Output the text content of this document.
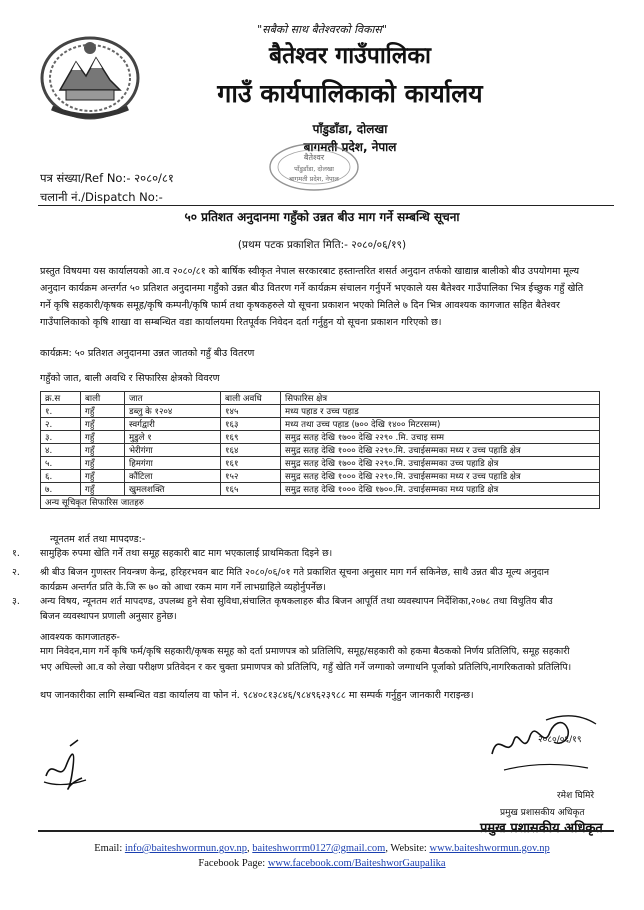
"सबैको साथ बैतेश्वरको विकास"
बैतेश्वर गाउँपालिका
गाउँ कार्यपालिकाको कार्यालय
पाँडुडाँडा, दोलखा
बागमती प्रदेश, नेपाल
बैतेश्वर
पाँडुडाँडा, दोलखा
बागमती प्रदेश, नेपाल
पत्र संख्या/Ref No:- २०८०/८१
चलानी नं./Dispatch No:-
५० प्रतिशत अनुदानमा गहुँको उन्नत बीउ माग गर्ने सम्बन्धि सूचना
(प्रथम पटक प्रकाशित मिति:- २०८०/०६/१९)
प्रस्तुत विषयमा यस कार्यालयको आ.व २०८०/८१ को बार्षिक स्वीकृत नेपाल सरकारबाट हस्तान्तरित शसर्त अनुदान तर्फको खाद्यान्न बालीको बीउ उपयोगमा मूल्य
अनुदान कार्यक्रम अन्तर्गत ५० प्रतिशत अनुदानमा गहुँको उन्नत बीउ वितरण गर्ने कार्यक्रम संचालन गर्नुपर्ने भएकाले यस बैतेश्वर गाउँपालिका भित्र ईच्छुक गहुँ खेति
गर्ने कृषि सहकारी/कृषक समूह/कृषि कम्पनी/कृषि फार्म तथा कृषकहरुले यो सूचना प्रकाशन भएको मितिले ७ दिन भित्र आवश्यक कागजात सहित बैतेश्वर
गाउँपालिकाको कृषि शाखा वा सम्बन्धित वडा कार्यालयमा रितपूर्वक निवेदन दर्ता गर्नुहुन यो सूचना प्रकाशन गरिएको छ।
कार्यक्रम: ५० प्रतिशत अनुदानमा उन्नत जातको गहुँ बीउ वितरण
गहुँको जात, बाली अवधि र सिफारिस क्षेत्रको विवरण
क्र.स	बाली	जात	बाली अवधि	सिफारिस क्षेत्र
१.	गहुँ	डब्लु के १२०४	१४५	मध्य पहाड र उच्च पहाड
२.	गहुँ	स्वर्गद्वारी	१६३	मध्य तथा उच्च पहाड (७०० देखि १४०० मिटरसम्म)
३.	गहुँ	मुडुले १	१६९	समुद्र सतह देखि १७०० देखि २२९० .मि. उचाइ सम्म
४.	गहुँ	भेरीगंगा	१६४	समुद्र सतह देखि १००० देखि २२९०.मि. उचाईसम्मका मध्य र उच्च पहाडि क्षेत्र
५.	गहुँ	हिमगंगा	१६१	समुद्र सतह देखि १७०० देखि २२९०.मि. उचाईसम्मका उच्च पहाडि क्षेत्र
६.	गहुँ	कौंटिला	१५२	समुद्र सतह देखि १००० देखि २२९०.मि. उचाईसम्मका मध्य र उच्च पहाडि क्षेत्र
७.	गहुँ	खुमलशक्ति	१६५	समुद्र सतह देखि १००० देखि १७००.मि. उचाईसम्मका मध्य पहाडि क्षेत्र
अन्य सूचिकृत सिफारिस जातहरु				
न्यूनतम शर्त तथा मापदण्ड:-
१. सामुहिक रुपमा खेति गर्ने तथा समूह सहकारी बाट माग भएकालाई प्राथमिकता दिइने छ।
२. श्री बीउ बिजन गुणस्तर नियन्त्रण केन्द्र, हरिहरभवन बाट मिति २०८०/०६/०१ गते प्रकाशित सूचना अनुसार माग गर्न सकिनेछ, साथै उन्नत बीउ मूल्य अनुदान
कार्यक्रम अन्तर्गत प्रति के.जि रू ७० को आधा रकम माग गर्ने लाभग्राहिले व्यहोर्नुपर्नेछ।
३. अन्य विषय, न्यूनतम शर्त मापदण्ड, उपलब्ध हुने सेवा सुविधा,संचालित कृषकलाहरु बीउ बिजन आपूर्ति तथा व्यवस्थापन निर्देशिका,२०७८ तथा विधुतिय बीउ
बिजन व्यवस्थापन प्रणाली अनुसार हुनेछ।
आवश्यक कागजातहरु-
माग निवेदन,माग गर्ने कृषि फर्म/कृषि सहकारी/कृषक समूह को दर्ता प्रमाणपत्र को प्रतिलिपि, समूह/सहकारी को हकमा बैठकको निर्णय प्रतिलिपि, समूह सहकारी
भए अघिल्लो आ.व को लेखा परीक्षण प्रतिवेदन र कर चुक्ता प्रमाणपत्र को प्रतिलिपि, गहुँ खेति गर्ने जग्गाको जग्गाधनि पूर्जाको प्रतिलिपि,नागरिकताको प्रतिलिपि।
थप जानकारीका लागि सम्बन्धित वडा कार्यालय वा फोन नं. ९८४०८१३८४६/९८४९६२३९८८ मा सम्पर्क गर्नुहुन जानकारी गराइन्छ।
२०८०/०६/१९
रमेश घिमिरे
प्रमुख प्रशासकीय अधिकृत
प्रमुख प्रशासकीय अधिकृत
Email: info@baiteshwormun.gov.np, baiteshworrm0127@gmail.com, Website: www.baiteshwormun.gov.np
Facebook Page: www.facebook.com/BaiteshworGaupalika
